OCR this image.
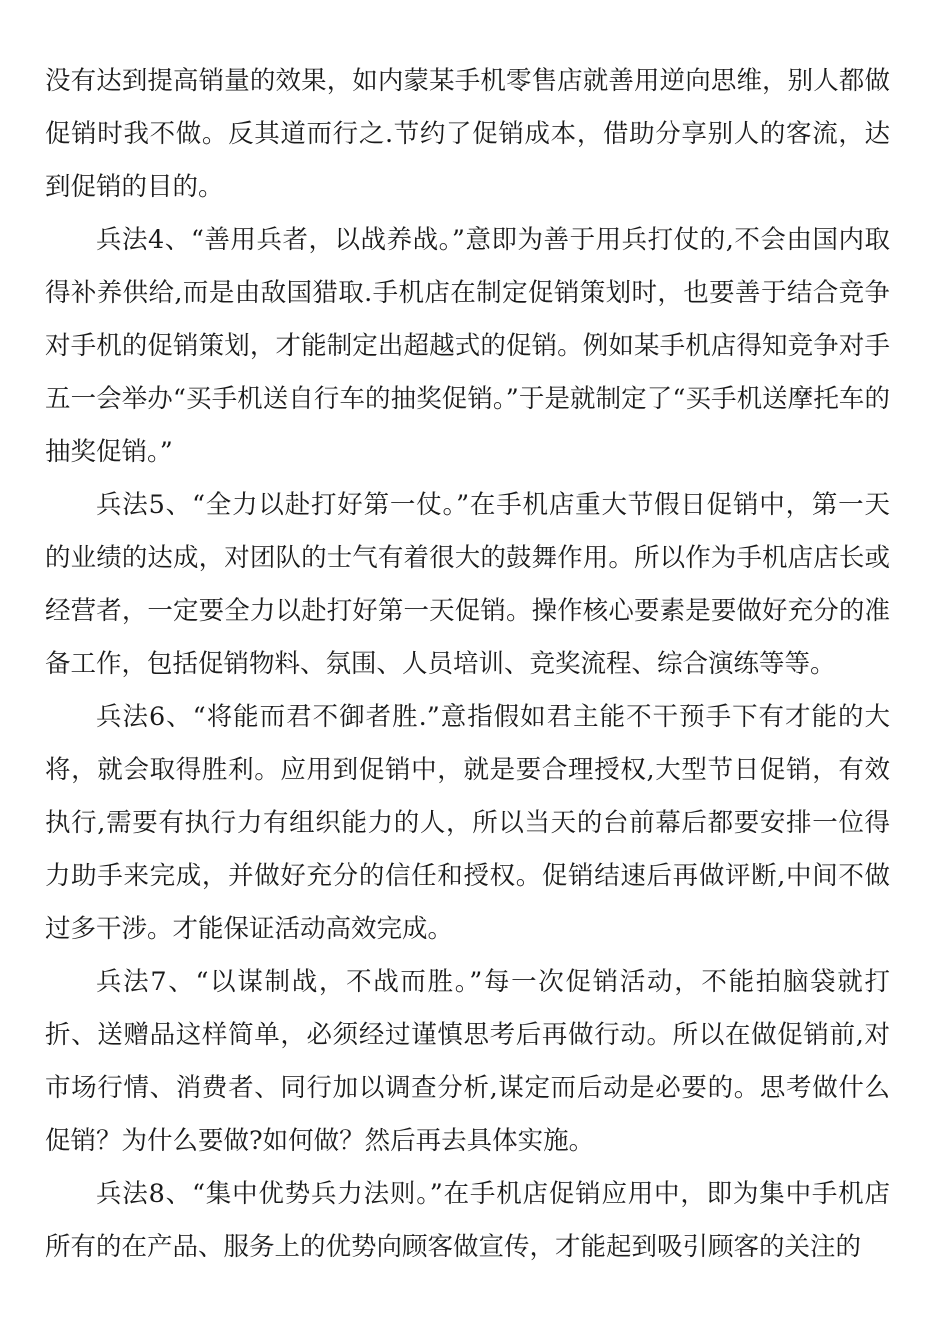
没有达到提高销量的效果，如内蒙某手机零售店就善用逆向思维，别人都做促销时我不做。反其道而行之.节约了促销成本，借助分享别人的客流，达到促销的目的。

兵法4、“善用兵者，以战养战。”意即为善于用兵打仗的,不会由国内取得补养供给,而是由敌国猎取.手机店在制定促销策划时，也要善于结合竞争对手机的促销策划，才能制定出超越式的促销。例如某手机店得知竞争对手五一会举办“买手机送自行车的抽奖促销。”于是就制定了“买手机送摩托车的抽奖促销。”

兵法5、“全力以赴打好第一仗。”在手机店重大节假日促销中，第一天的业绩的达成，对团队的士气有着很大的鼓舞作用。所以作为手机店店长或经营者，一定要全力以赴打好第一天促销。操作核心要素是要做好充分的准备工作，包括促销物料、氛围、人员培训、竞奖流程、综合演练等等。

兵法6、“将能而君不御者胜.”意指假如君主能不干预手下有才能的大将，就会取得胜利。应用到促销中，就是要合理授权,大型节日促销，有效执行,需要有执行力有组织能力的人，所以当天的台前幕后都要安排一位得力助手来完成，并做好充分的信任和授权。促销结速后再做评断,中间不做过多干涉。才能保证活动高效完成。

兵法7、“以谋制战，不战而胜。”每一次促销活动，不能拍脑袋就打折、送赠品这样简单，必须经过谨慎思考后再做行动。所以在做促销前,对市场行情、消费者、同行加以调查分析,谋定而后动是必要的。思考做什么促销？为什么要做?如何做？然后再去具体实施。

兵法8、“集中优势兵力法则。”在手机店促销应用中，即为集中手机店所有的在产品、服务上的优势向顾客做宣传，才能起到吸引顾客的关注的
